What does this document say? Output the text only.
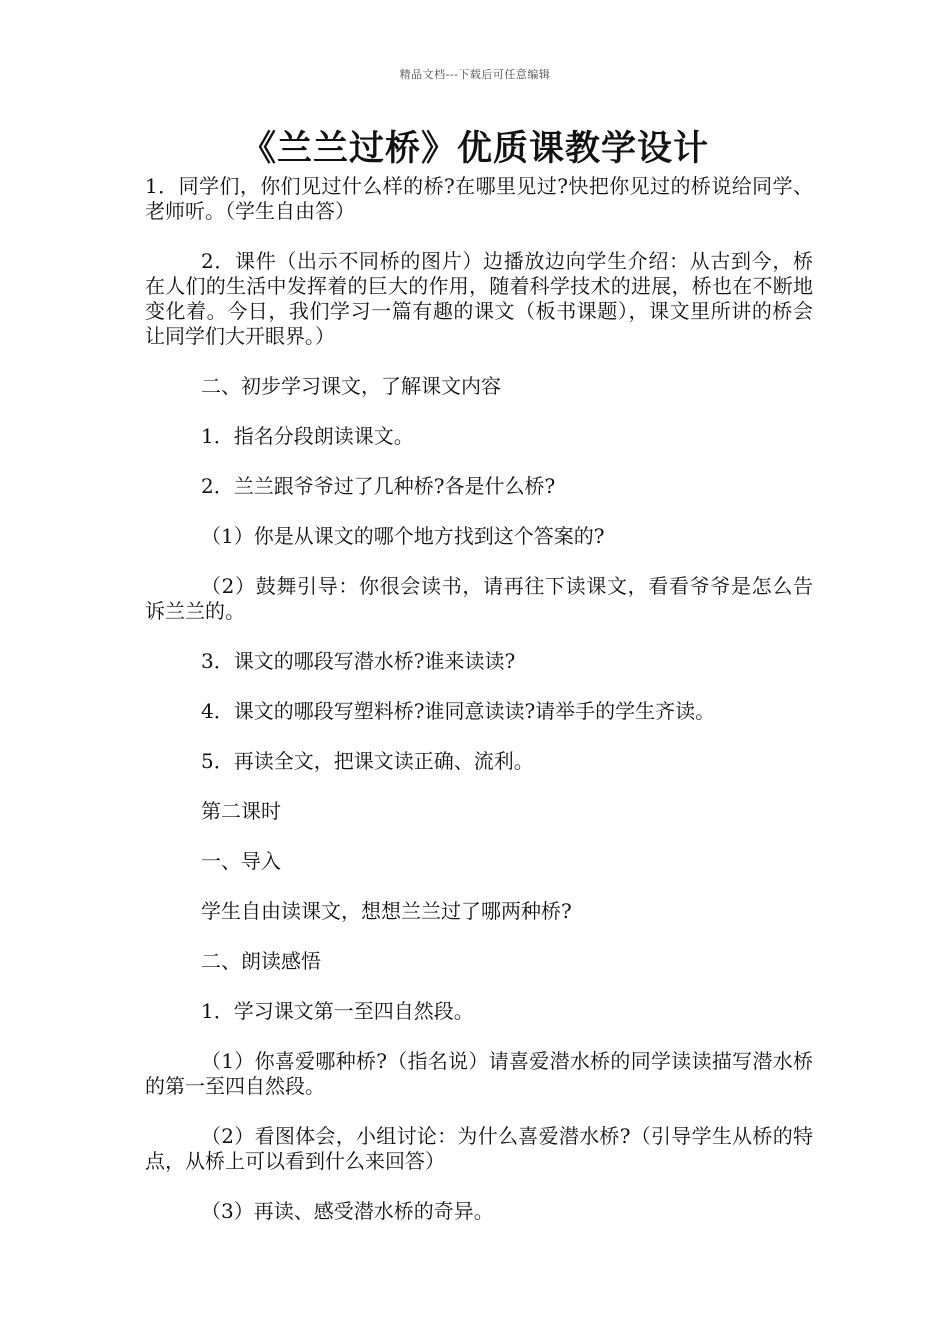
精品文档---下载后可任意编辑
《兰兰过桥》优质课教学设计

1．同学们，你们见过什么样的桥?在哪里见过?快把你见过的桥说给同学、老师听。（学生自由答）

2．课件（出示不同桥的图片）边播放边向学生介绍：从古到今，桥在人们的生活中发挥着的巨大的作用，随着科学技术的进展，桥也在不断地变化着。今日，我们学习一篇有趣的课文（板书课题），课文里所讲的桥会让同学们大开眼界。）

二、初步学习课文，了解课文内容

1．指名分段朗读课文。

2．兰兰跟爷爷过了几种桥?各是什么桥?

（1）你是从课文的哪个地方找到这个答案的?

（2）鼓舞引导：你很会读书，请再往下读课文，看看爷爷是怎么告诉兰兰的。

3．课文的哪段写潜水桥?谁来读读?

4．课文的哪段写塑料桥?谁同意读读?请举手的学生齐读。

5．再读全文，把课文读正确、流利。

第二课时

一、导入

学生自由读课文，想想兰兰过了哪两种桥?

二、朗读感悟

1．学习课文第一至四自然段。

（1）你喜爱哪种桥?（指名说）请喜爱潜水桥的同学读读描写潜水桥的第一至四自然段。

（2）看图体会，小组讨论：为什么喜爱潜水桥?（引导学生从桥的特点，从桥上可以看到什么来回答）

（3）再读、感受潜水桥的奇异。
